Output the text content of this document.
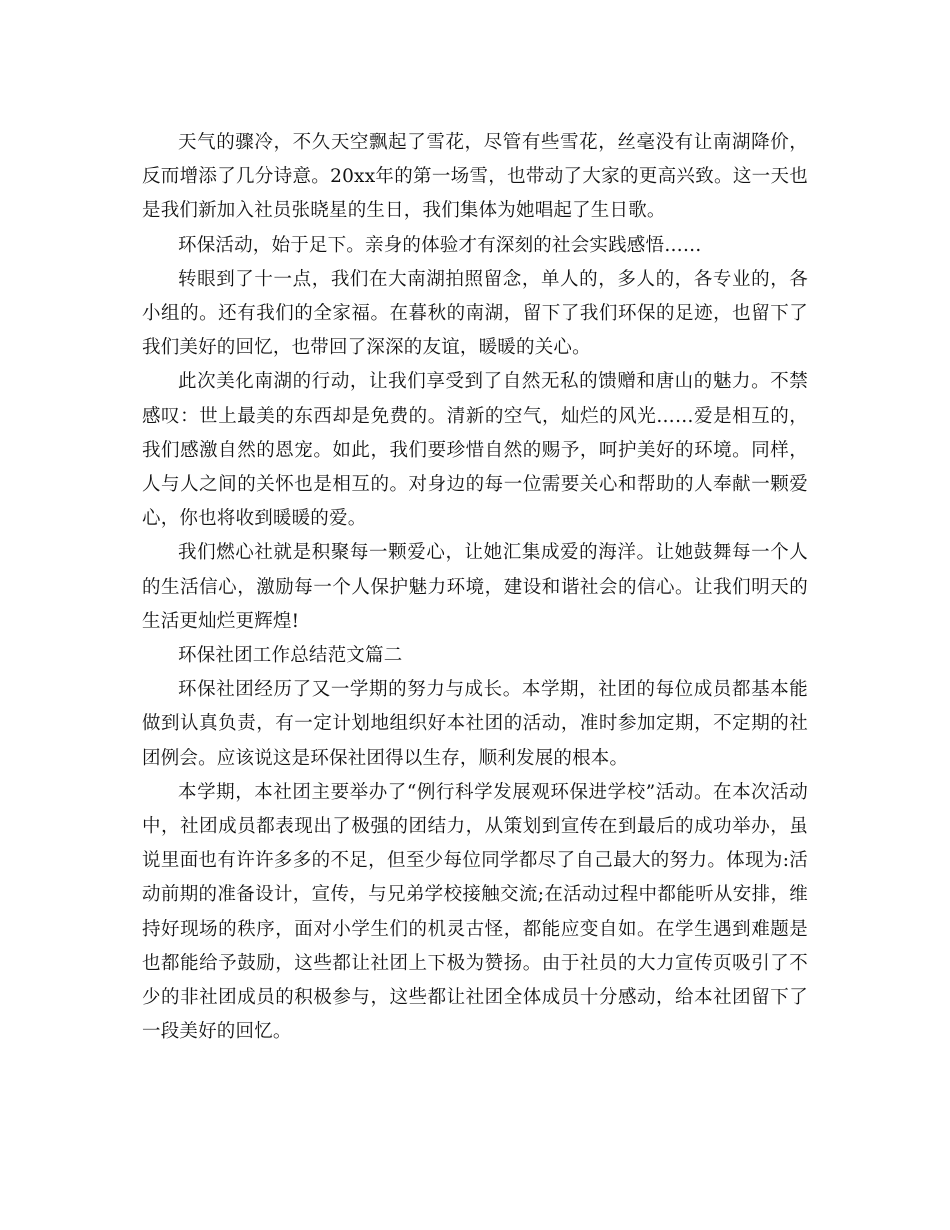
天气的骤冷，不久天空飘起了雪花，尽管有些雪花，丝毫没有让南湖降价，反而增添了几分诗意。20xx年的第一场雪，也带动了大家的更高兴致。这一天也是我们新加入社员张晓星的生日，我们集体为她唱起了生日歌。

环保活动，始于足下。亲身的体验才有深刻的社会实践感悟……

转眼到了十一点，我们在大南湖拍照留念，单人的，多人的，各专业的，各小组的。还有我们的全家福。在暮秋的南湖，留下了我们环保的足迹，也留下了我们美好的回忆，也带回了深深的友谊，暖暖的关心。

此次美化南湖的行动，让我们享受到了自然无私的馈赠和唐山的魅力。不禁感叹：世上最美的东西却是免费的。清新的空气，灿烂的风光……爱是相互的，我们感激自然的恩宠。如此，我们要珍惜自然的赐予，呵护美好的环境。同样，人与人之间的关怀也是相互的。对身边的每一位需要关心和帮助的人奉献一颗爱心，你也将收到暖暖的爱。

我们燃心社就是积聚每一颗爱心，让她汇集成爱的海洋。让她鼓舞每一个人的生活信心，激励每一个人保护魅力环境，建设和谐社会的信心。让我们明天的生活更灿烂更辉煌!

环保社团工作总结范文篇二

环保社团经历了又一学期的努力与成长。本学期，社团的每位成员都基本能做到认真负责，有一定计划地组织好本社团的活动，准时参加定期，不定期的社团例会。应该说这是环保社团得以生存，顺利发展的根本。

本学期，本社团主要举办了“例行科学发展观环保进学校”活动。在本次活动中，社团成员都表现出了极强的团结力，从策划到宣传在到最后的成功举办，虽说里面也有许许多多的不足，但至少每位同学都尽了自己最大的努力。体现为:活动前期的准备设计，宣传，与兄弟学校接触交流;在活动过程中都能听从安排，维持好现场的秩序，面对小学生们的机灵古怪，都能应变自如。在学生遇到难题是也都能给予鼓励，这些都让社团上下极为赞扬。由于社员的大力宣传页吸引了不少的非社团成员的积极参与，这些都让社团全体成员十分感动，给本社团留下了一段美好的回忆。
